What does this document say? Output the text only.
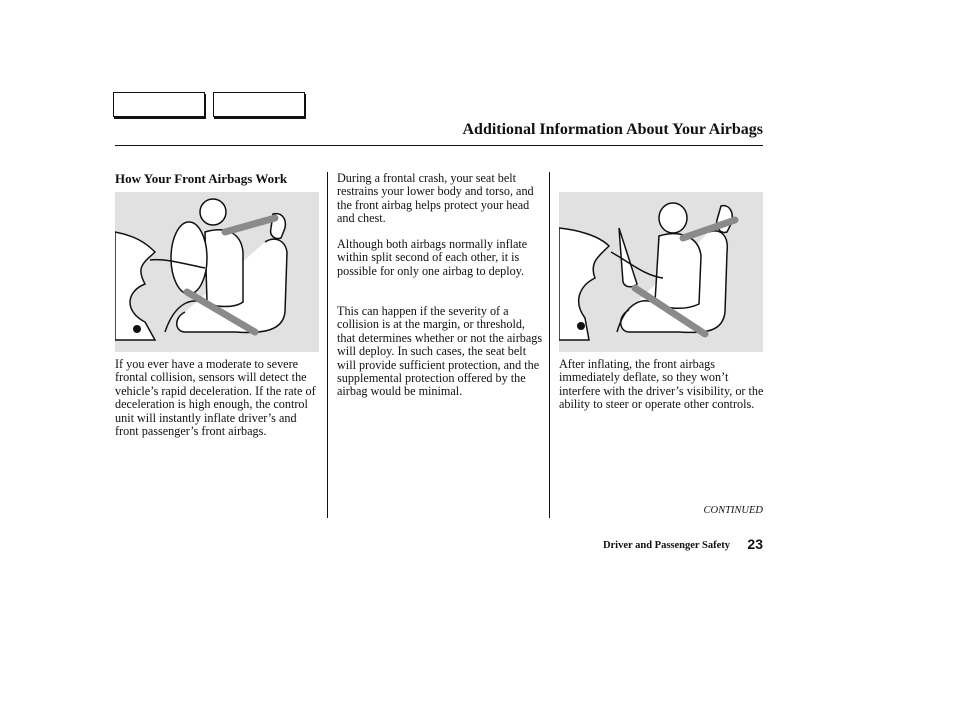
Additional Information About Your Airbags
How Your Front Airbags Work

If you ever have a moderate to severe frontal collision, sensors will detect the vehicle’s rapid deceleration. If the rate of deceleration is high enough, the control unit will instantly inflate driver’s and front passenger’s front airbags.

During a frontal crash, your seat belt restrains your lower body and torso, and the front airbag helps protect your head and chest.

Although both airbags normally inflate within split second of each other, it is possible for only one airbag to deploy.

This can happen if the severity of a collision is at the margin, or threshold, that determines whether or not the airbags will deploy. In such cases, the seat belt will provide sufficient protection, and the supplemental protection offered by the airbag would be minimal.

After inflating, the front airbags immediately deflate, so they won’t interfere with the driver’s visibility, or the ability to steer or operate other controls.

CONTINUED
Driver and Passenger Safety 23
